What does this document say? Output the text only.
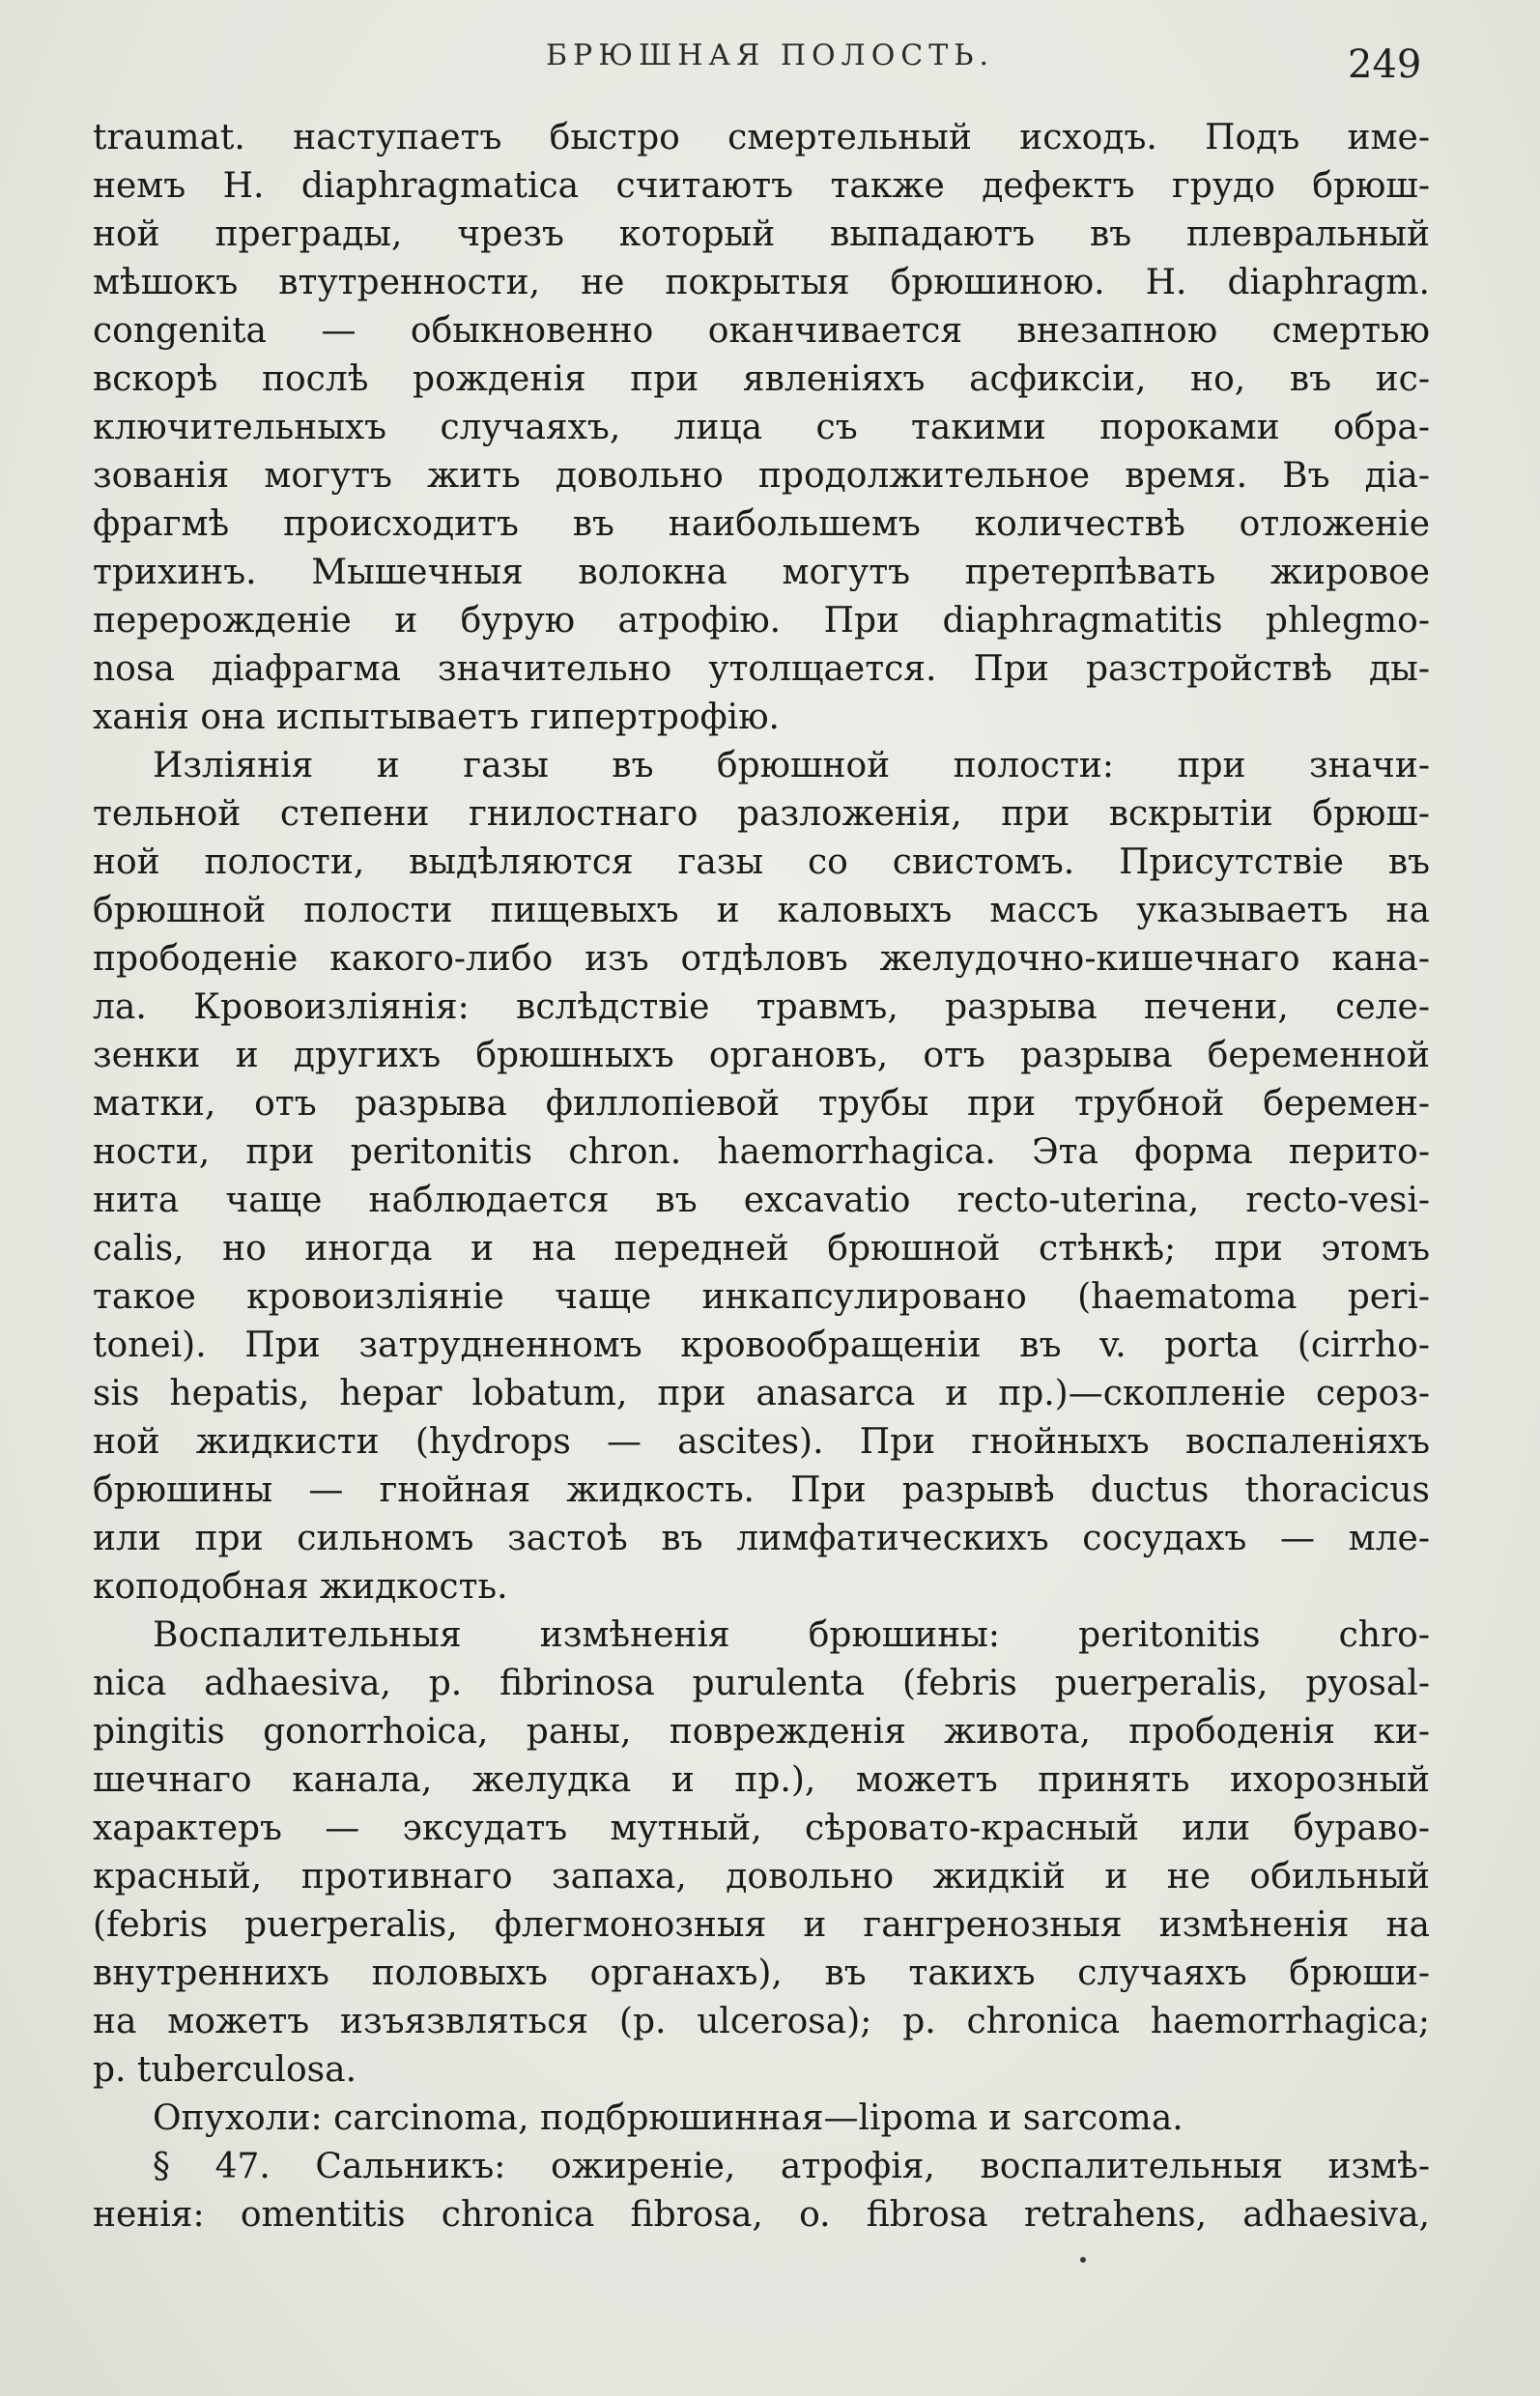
БРЮШНАЯ ПОЛОСТЬ.	249
traumat. наступаетъ быстро смертельный исходъ. Подъ име-
немъ H. diaphragmatica считаютъ также дефектъ грудо брюш-
ной преграды, чрезъ который выпадаютъ въ плевральный
мѣшокъ втутренности, не покрытыя брюшиною. H. diaphragm.
congenita — обыкновенно оканчивается внезапною смертью
вскорѣ послѣ рожденія при явленіяхъ асфиксіи, но, въ ис-
ключительныхъ случаяхъ, лица съ такими пороками обра-
зованія могутъ жить довольно продолжительное время. Въ діа-
фрагмѣ происходитъ въ наибольшемъ количествѣ отложеніе
трихинъ. Мышечныя волокна могутъ претерпѣвать жировое
перерожденіе и бурую атрофію. При diaphragmatitis phlegmo-
nosa діафрагма значительно утолщается. При разстройствѣ ды-
ханія она испытываетъ гипертрофію.
Изліянія и газы въ брюшной полости: при значи-
тельной степени гнилостнаго разложенія, при вскрытіи брюш-
ной полости, выдѣляются газы со свистомъ. Присутствіе въ
брюшной полости пищевыхъ и каловыхъ массъ указываетъ на
прободеніе какого-либо изъ отдѣловъ желудочно-кишечнаго кана-
ла. Кровоизліянія: вслѣдствіе травмъ, разрыва печени, селе-
зенки и другихъ брюшныхъ органовъ, отъ разрыва беременной
матки, отъ разрыва филлопіевой трубы при трубной беремен-
ности, при peritonitis chron. haemorrhagica. Эта форма перито-
нита чаще наблюдается въ excavatio recto-uterina, recto-vesi-
calis, но иногда и на передней брюшной стѣнкѣ; при этомъ
такое кровоизліяніе чаще инкапсулировано (haematoma peri-
tonei). При затрудненномъ кровообращеніи въ v. porta (cirrho-
sis hepatis, hepar lobatum, при anasarca и пр.)—скопленіе сероз-
ной жидкисти (hydrops — ascites). При гнойныхъ воспаленіяхъ
брюшины — гнойная жидкость. При разрывѣ ductus thoracicus
или при сильномъ застоѣ въ лимфатическихъ сосудахъ — мле-
коподобная жидкость.
Воспалительныя измѣненія брюшины: peritonitis chro-
nica adhaesiva, p. fibrinosa purulenta (febris puerperalis, pyosal-
pingitis gonorrhoica, раны, поврежденія живота, прободенія ки-
шечнаго канала, желудка и пр.), можетъ принять ихорозный
характеръ — эксудатъ мутный, сѣровато-красный или бураво-
красный, противнаго запаха, довольно жидкій и не обильный
(febris puerperalis, флегмонозныя и гангренозныя измѣненія на
внутреннихъ половыхъ органахъ), въ такихъ случаяхъ брюши-
на можетъ изъязвляться (p. ulcerosa); p. chronica haemorrhagica;
p. tuberculosa.
Опухоли: carcinoma, подбрюшинная—lipoma и sarcoma.
§ 47. Сальникъ: ожиреніе, атрофія, воспалительныя измѣ-
ненія: omentitis chronica fibrosa, o. fibrosa retrahens, adhaesiva,
